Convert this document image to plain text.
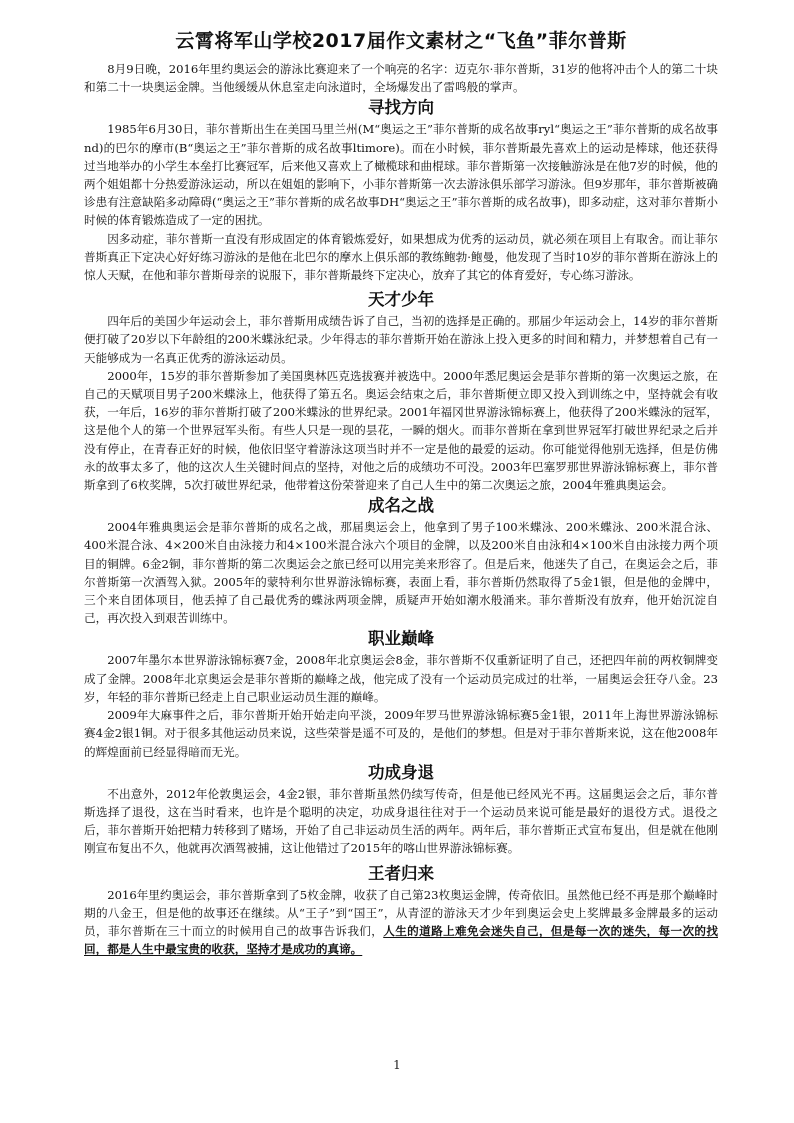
云霄将军山学校2017届作文素材之“飞鱼”菲尔普斯

8月9日晚，2016年里约奥运会的游泳比赛迎来了一个响亮的名字：迈克尔·菲尔普斯，31岁的他将冲击个人的第二十块和第二十一块奥运金牌。当他缓缓从休息室走向泳道时，全场爆发出了雷鸣般的掌声。

寻找方向

1985年6月30日，菲尔普斯出生在美国马里兰州(M“奥运之王”菲尔普斯的成名故事ryl“奥运之王”菲尔普斯的成名故事nd)的巴尔的摩市(B“奥运之王”菲尔普斯的成名故事ltimore)。而在小时候，菲尔普斯最先喜欢上的运动是棒球，他还获得过当地举办的小学生本垒打比赛冠军，后来他又喜欢上了橄榄球和曲棍球。菲尔普斯第一次接触游泳是在他7岁的时候，他的两个姐姐都十分热爱游泳运动，所以在姐姐的影响下，小菲尔普斯第一次去游泳俱乐部学习游泳。但9岁那年，菲尔普斯被确诊患有注意缺陷多动障碍(“奥运之王”菲尔普斯的成名故事DH“奥运之王”菲尔普斯的成名故事)，即多动症，这对菲尔普斯小时候的体育锻炼造成了一定的困扰。

因多动症，菲尔普斯一直没有形成固定的体育锻炼爱好，如果想成为优秀的运动员，就必须在项目上有取舍。而让菲尔普斯真正下定决心好好练习游泳的是他在北巴尔的摩水上俱乐部的教练鲍勃·鲍曼，他发现了当时10岁的菲尔普斯在游泳上的惊人天赋，在他和菲尔普斯母亲的说服下，菲尔普斯最终下定决心，放弃了其它的体育爱好，专心练习游泳。

天才少年

四年后的美国少年运动会上，菲尔普斯用成绩告诉了自己，当初的选择是正确的。那届少年运动会上，14岁的菲尔普斯便打破了20岁以下年龄组的200米蝶泳纪录。少年得志的菲尔普斯开始在游泳上投入更多的时间和精力，并梦想着自己有一天能够成为一名真正优秀的游泳运动员。

2000年，15岁的菲尔普斯参加了美国奥林匹克选拔赛并被选中。2000年悉尼奥运会是菲尔普斯的第一次奥运之旅，在自己的天赋项目男子200米蝶泳上，他获得了第五名。奥运会结束之后，菲尔普斯便立即又投入到训练之中，坚持就会有收获，一年后，16岁的菲尔普斯打破了200米蝶泳的世界纪录。2001年福冈世界游泳锦标赛上，他获得了200米蝶泳的冠军，这是他个人的第一个世界冠军头衔。有些人只是一现的昙花，一瞬的烟火。而菲尔普斯在拿到世界冠军打破世界纪录之后并没有停止，在青春正好的时候，他依旧坚守着游泳这项当时并不一定是他的最爱的运动。你可能觉得他别无选择，但是仿佛永的故事太多了，他的这次人生关键时间点的坚持，对他之后的成绩功不可没。2003年巴塞罗那世界游泳锦标赛上，菲尔普斯拿到了6枚奖牌，5次打破世界纪录，他带着这份荣誉迎来了自己人生中的第二次奥运之旅，2004年雅典奥运会。

成名之战

2004年雅典奥运会是菲尔普斯的成名之战，那届奥运会上，他拿到了男子100米蝶泳、200米蝶泳、200米混合泳、400米混合泳、4×200米自由泳接力和4×100米混合泳六个项目的金牌，以及200米自由泳和4×100米自由泳接力两个项目的铜牌。6金2铜，菲尔普斯的第二次奥运会之旅已经可以用完美来形容了。但是后来，他迷失了自己，在奥运会之后，菲尔普斯第一次酒驾入狱。2005年的蒙特利尔世界游泳锦标赛，表面上看，菲尔普斯仍然取得了5金1银，但是他的金牌中，三个来自团体项目，他丢掉了自己最优秀的蝶泳两项金牌，质疑声开始如潮水般涌来。菲尔普斯没有放弃，他开始沉淀自己，再次投入到艰苦训练中。

职业巅峰

2007年墨尔本世界游泳锦标赛7金，2008年北京奥运会8金，菲尔普斯不仅重新证明了自己，还把四年前的两枚铜牌变成了金牌。2008年北京奥运会是菲尔普斯的巅峰之战，他完成了没有一个运动员完成过的壮举，一届奥运会狂夺八金。23岁，年轻的菲尔普斯已经走上自己职业运动员生涯的巅峰。

2009年大麻事件之后，菲尔普斯开始开始走向平淡，2009年罗马世界游泳锦标赛5金1银，2011年上海世界游泳锦标赛4金2银1铜。对于很多其他运动员来说，这些荣誉是遥不可及的，是他们的梦想。但是对于菲尔普斯来说，这在他2008年的辉煌面前已经显得暗而无光。

功成身退

不出意外，2012年伦敦奥运会，4金2银，菲尔普斯虽然仍续写传奇，但是他已经风光不再。这届奥运会之后，菲尔普斯选择了退役，这在当时看来，也许是个聪明的决定，功成身退往往对于一个运动员来说可能是最好的退役方式。退役之后，菲尔普斯开始把精力转移到了赌场，开始了自己非运动员生活的两年。两年后，菲尔普斯正式宣布复出，但是就在他刚刚宣布复出不久，他就再次酒驾被捕，这让他错过了2015年的喀山世界游泳锦标赛。

王者归来

2016年里约奥运会，菲尔普斯拿到了5枚金牌，收获了自己第23枚奥运金牌，传奇依旧。虽然他已经不再是那个巅峰时期的八金王，但是他的故事还在继续。从“王子”到“国王”，从青涩的游泳天才少年到奥运会史上奖牌最多金牌最多的运动员，菲尔普斯在三十而立的时候用自己的故事告诉我们，人生的道路上难免会迷失自己，但是每一次的迷失，每一次的找回，都是人生中最宝贵的收获，坚持才是成功的真谛。

1
